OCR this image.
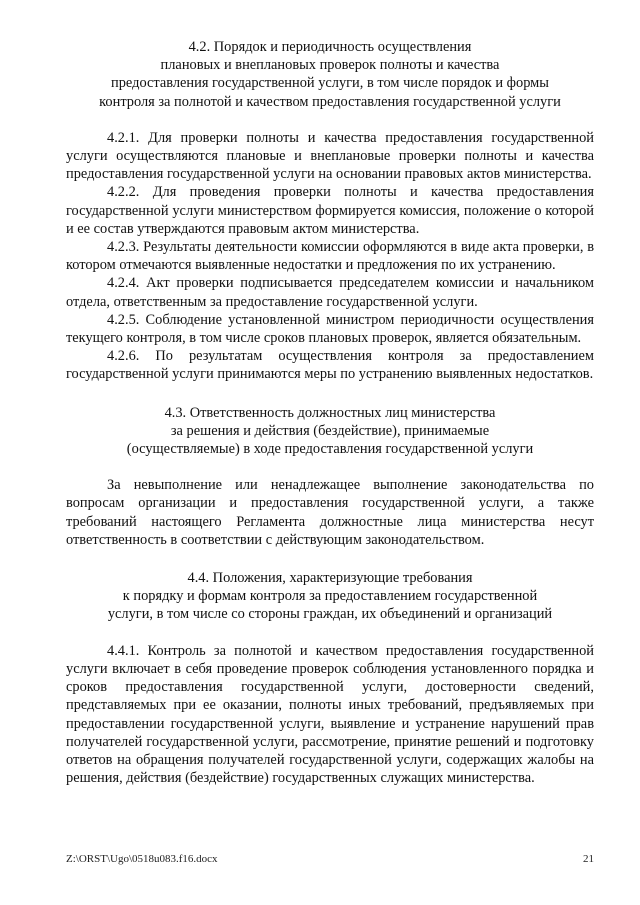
4.2. Порядок и периодичность осуществления
плановых и внеплановых проверок полноты и качества
предоставления государственной услуги, в том числе порядок и формы
контроля за полнотой и качеством предоставления государственной услуги

4.2.1. Для проверки полноты и качества предоставления государственной услуги осуществляются плановые и внеплановые проверки полноты и качества предоставления государственной услуги на основании правовых актов министерства.

4.2.2. Для проведения проверки полноты и качества предоставления государственной услуги министерством формируется комиссия, положение о которой и ее состав утверждаются правовым актом министерства.

4.2.3. Результаты деятельности комиссии оформляются в виде акта проверки, в котором отмечаются выявленные недостатки и предложения по их устранению.

4.2.4. Акт проверки подписывается председателем комиссии и начальником отдела, ответственным за предоставление государственной услуги.

4.2.5. Соблюдение установленной министром периодичности осуществления текущего контроля, в том числе сроков плановых проверок, является обязательным.

4.2.6. По результатам осуществления контроля за предоставлением государственной услуги принимаются меры по устранению выявленных недостатков.

4.3. Ответственность должностных лиц министерства
за решения и действия (бездействие), принимаемые
(осуществляемые) в ходе предоставления государственной услуги

За невыполнение или ненадлежащее выполнение законодательства по вопросам организации и предоставления государственной услуги, а также требований настоящего Регламента должностные лица министерства несут ответственность в соответствии с действующим законодательством.

4.4. Положения, характеризующие требования
к порядку и формам контроля за предоставлением государственной
услуги, в том числе со стороны граждан, их объединений и организаций

4.4.1. Контроль за полнотой и качеством предоставления государственной услуги включает в себя проведение проверок соблюдения установленного порядка и сроков предоставления государственной услуги, достоверности сведений, представляемых при ее оказании, полноты иных требований, предъявляемых при предоставлении государственной услуги, выявление и устранение нарушений прав получателей государственной услуги, рассмотрение, принятие решений и подготовку ответов на обращения получателей государственной услуги, содержащих жалобы на решения, действия (бездействие) государственных служащих министерства.

Z:\ORST\Ugo\0518u083.f16.docx	21
